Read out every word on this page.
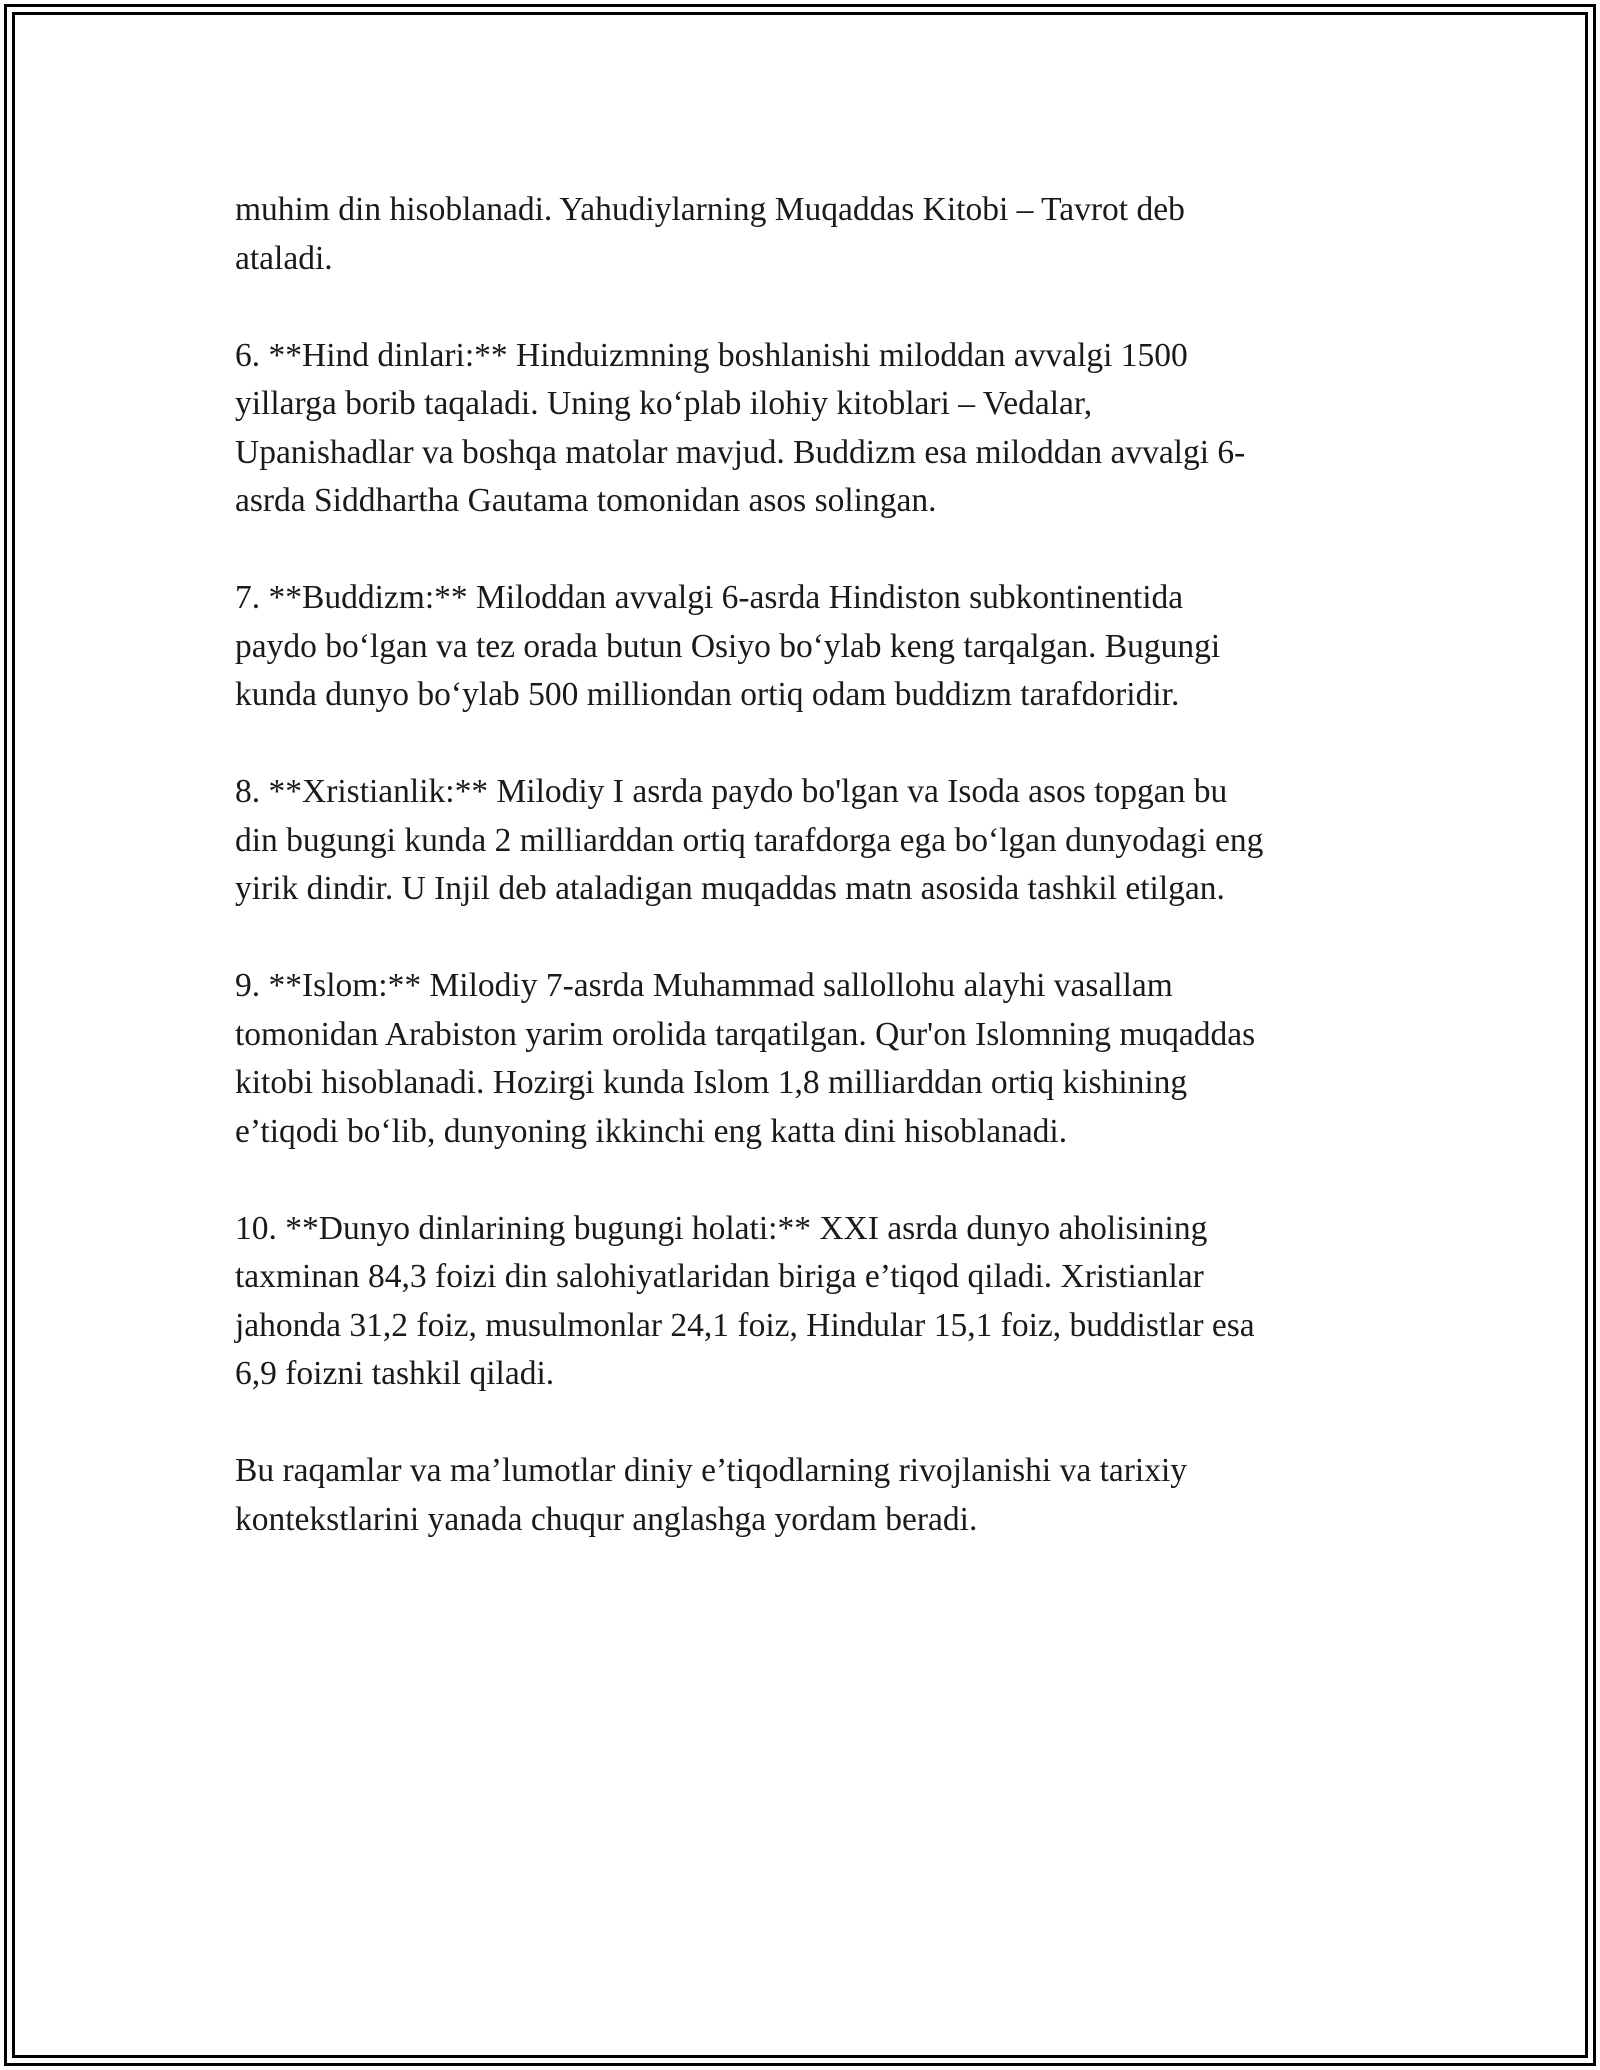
muhim din hisoblanadi. Yahudiylarning Muqaddas Kitobi – Tavrot deb
ataladi.

6. **Hind dinlari:** Hinduizmning boshlanishi miloddan avvalgi 1500
yillarga borib taqaladi. Uning koʻplab ilohiy kitoblari – Vedalar,
Upanishadlar va boshqa matolar mavjud. Buddizm esa miloddan avvalgi 6-
asrda Siddhartha Gautama tomonidan asos solingan.

7. **Buddizm:** Miloddan avvalgi 6-asrda Hindiston subkontinentida
paydo boʻlgan va tez orada butun Osiyo boʻylab keng tarqalgan. Bugungi
kunda dunyo boʻylab 500 milliondan ortiq odam buddizm tarafdoridir.

8. **Xristianlik:** Milodiy I asrda paydo bo'lgan va Isoda asos topgan bu
din bugungi kunda 2 milliarddan ortiq tarafdorga ega boʻlgan dunyodagi eng
yirik dindir. U Injil deb ataladigan muqaddas matn asosida tashkil etilgan.

9. **Islom:** Milodiy 7-asrda Muhammad sallollohu alayhi vasallam
tomonidan Arabiston yarim orolida tarqatilgan. Qur'on Islomning muqaddas
kitobi hisoblanadi. Hozirgi kunda Islom 1,8 milliarddan ortiq kishining
e’tiqodi boʻlib, dunyoning ikkinchi eng katta dini hisoblanadi.

10. **Dunyo dinlarining bugungi holati:** XXI asrda dunyo aholisining
taxminan 84,3 foizi din salohiyatlaridan biriga e’tiqod qiladi. Xristianlar
jahonda 31,2 foiz, musulmonlar 24,1 foiz, Hindular 15,1 foiz, buddistlar esa
6,9 foizni tashkil qiladi.

Bu raqamlar va ma’lumotlar diniy e’tiqodlarning rivojlanishi va tarixiy
kontekstlarini yanada chuqur anglashga yordam beradi.
